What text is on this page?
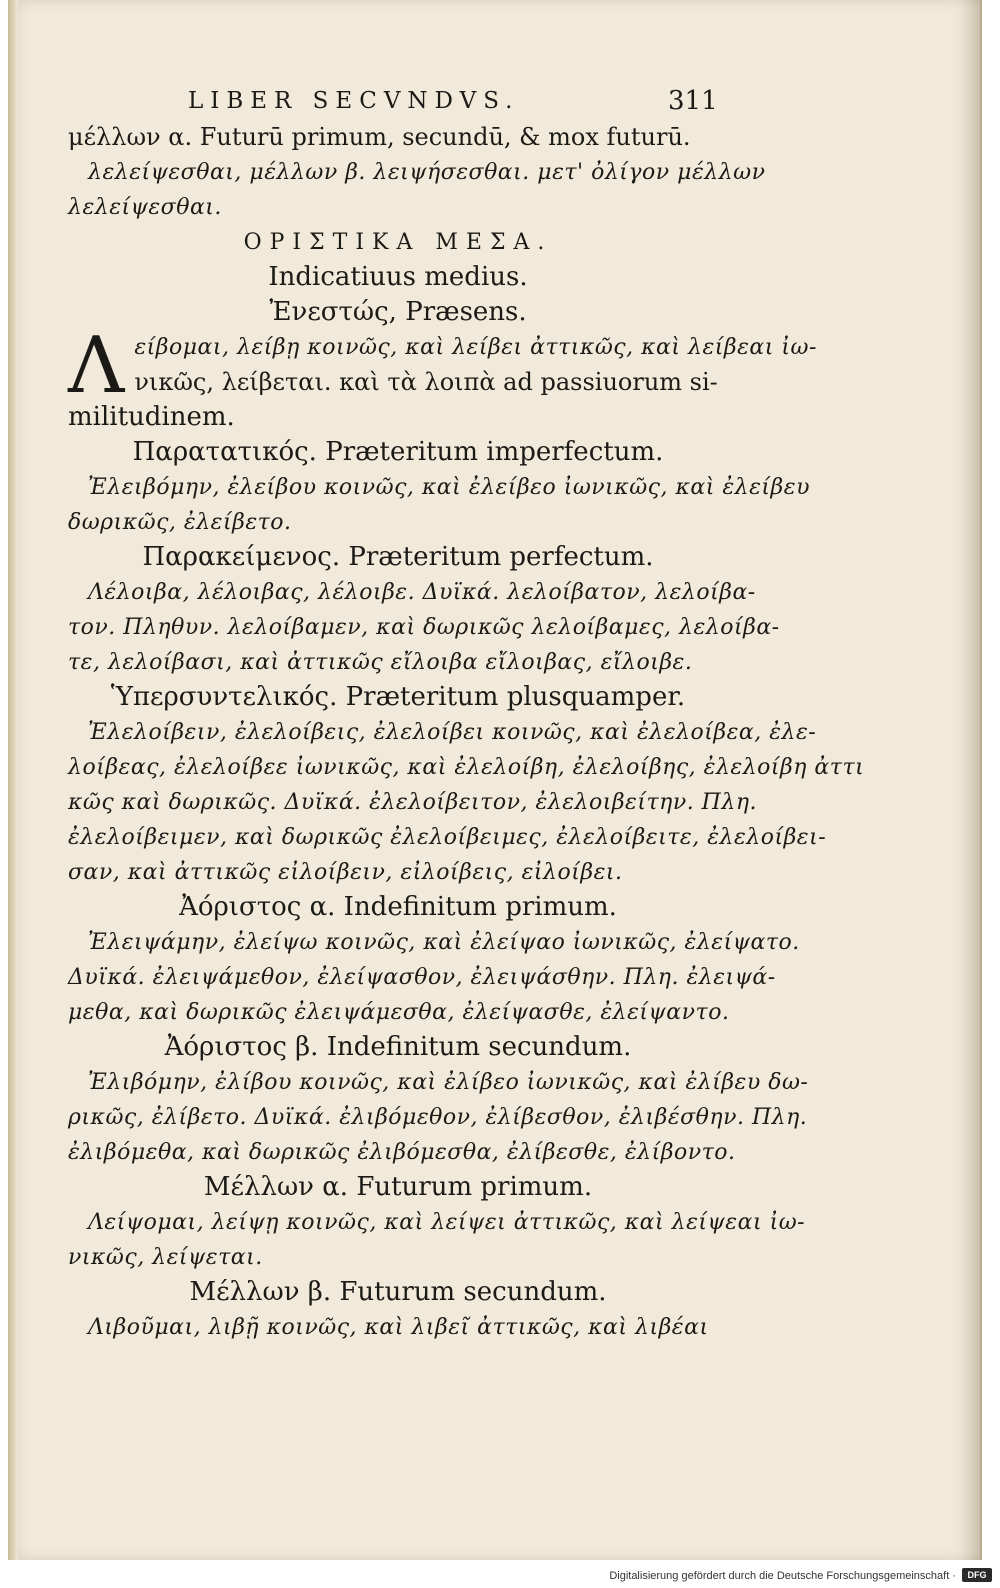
LIBER SECVNDVS.	311
μέλλων α. Futurū primum, secundū, & mox futurū.
λελείψεσθαι, μέλλων β. λειψήσεσθαι. μετ' ὀλίγον μέλλων
λελείψεσθαι.
ΟΡΙΣΤΙΚΑ ΜΕΣΑ.
Indicatiuus medius.
Ἐνεστώς, Præsens.
Λ είβομαι, λείβῃ κοινῶς, καὶ λείβει ἀττικῶς, καὶ λείβεαι ἰω-
νικῶς, λείβεται. καὶ τὰ λοιπὰ ad passiuorum si-
militudinem.
Παρατατικός. Præteritum imperfectum.
Ἐλειβόμην, ἐλείβου κοινῶς, καὶ ἐλείβεο ἰωνικῶς, καὶ ἐλείβευ
δωρικῶς, ἐλείβετο.
Παρακείμενος. Præteritum perfectum.
Λέλοιβα, λέλοιβας, λέλοιβε. Δυϊκά. λελοίβατον, λελοίβα-
τον. Πληθυν. λελοίβαμεν, καὶ δωρικῶς λελοίβαμες, λελοίβα-
τε, λελοίβασι, καὶ ἀττικῶς εἴλοιβα εἴλοιβας, εἴλοιβε.
Ὑπερσυντελικός. Præteritum plusquamper.
Ἐλελοίβειν, ἐλελοίβεις, ἐλελοίβει κοινῶς, καὶ ἐλελοίβεα, ἐλε-
λοίβεας, ἐλελοίβεε ἰωνικῶς, καὶ ἐλελοίβη, ἐλελοίβης, ἐλελοίβη ἀττι
κῶς καὶ δωρικῶς. Δυϊκά. ἐλελοίβειτον, ἐλελοιβείτην. Πλη.
ἐλελοίβειμεν, καὶ δωρικῶς ἐλελοίβειμες, ἐλελοίβειτε, ἐλελοίβει-
σαν, καὶ ἀττικῶς εἰλοίβειν, εἰλοίβεις, εἰλοίβει.
Ἀόριστος α. Indefinitum primum.
Ἐλειψάμην, ἐλείψω κοινῶς, καὶ ἐλείψαο ἰωνικῶς, ἐλείψατο.
Δυϊκά. ἐλειψάμεθον, ἐλείψασθον, ἐλειψάσθην. Πλη. ἐλειψά-
μεθα, καὶ δωρικῶς ἐλειψάμεσθα, ἐλείψασθε, ἐλείψαντο.
Ἀόριστος β. Indefinitum secundum.
Ἐλιβόμην, ἐλίβου κοινῶς, καὶ ἐλίβεο ἰωνικῶς, καὶ ἐλίβευ δω-
ρικῶς, ἐλίβετο. Δυϊκά. ἐλιβόμεθον, ἐλίβεσθον, ἐλιβέσθην. Πλη.
ἐλιβόμεθα, καὶ δωρικῶς ἐλιβόμεσθα, ἐλίβεσθε, ἐλίβοντο.
Μέλλων α. Futurum primum.
Λείψομαι, λείψῃ κοινῶς, καὶ λείψει ἀττικῶς, καὶ λείψεαι ἰω-
νικῶς, λείψεται.
Μέλλων β. Futurum secundum.
Λιβοῦμαι, λιβῇ κοινῶς, καὶ λιβεῖ ἀττικῶς, καὶ λιβέαι
Digitalisierung gefördert durch die Deutsche Forschungsgemeinschaft ·	DFG
